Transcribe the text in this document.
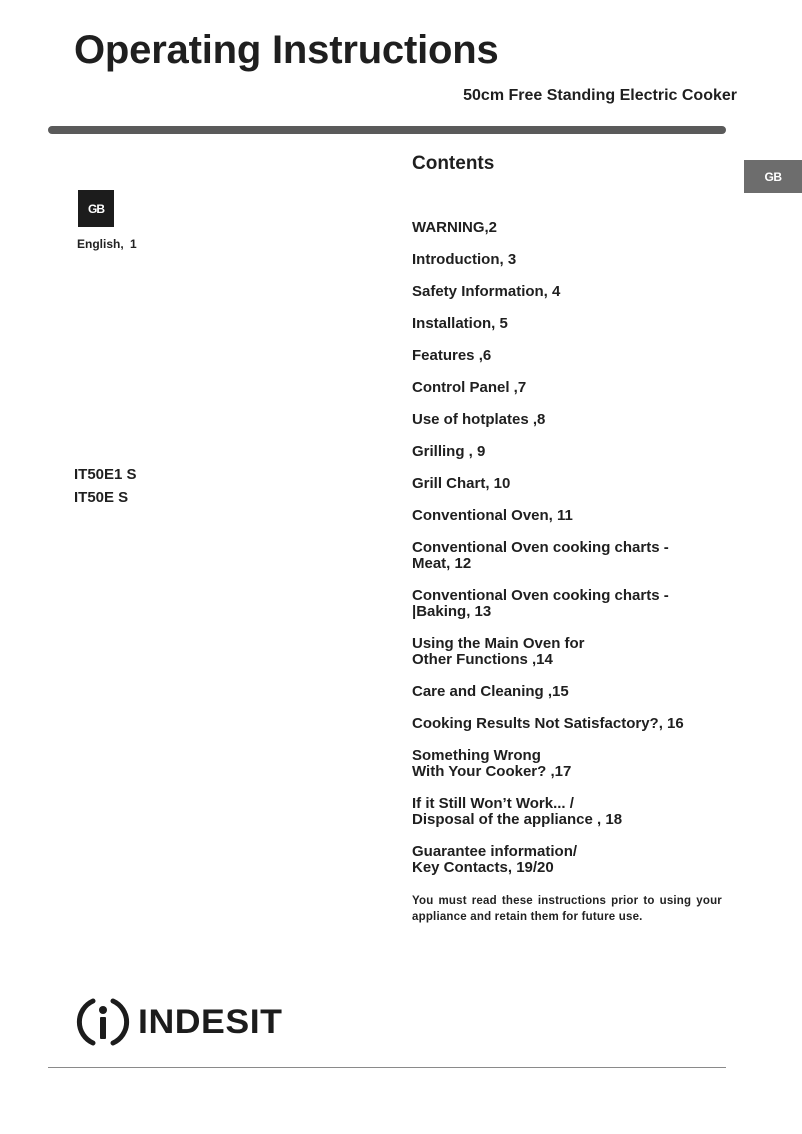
Operating Instructions
50cm Free Standing Electric Cooker
GB
GB
English, 1
IT50E1 S
IT50E S
Contents
WARNING,2
Introduction, 3
Safety Information, 4
Installation, 5
Features ,6
Control Panel ,7
Use of hotplates ,8
Grilling , 9
Grill Chart, 10
Conventional Oven, 11
Conventional Oven cooking charts -
Meat, 12
Conventional Oven cooking charts -
|Baking, 13
Using the Main Oven for
Other Functions ,14
Care and Cleaning ,15
Cooking Results Not Satisfactory?, 16
Something Wrong
With Your Cooker? ,17
If it Still Won’t Work... /
Disposal of the appliance , 18
Guarantee information/
Key Contacts, 19/20
You must read these instructions prior to using your appliance and retain them for future use.
INDESIT
